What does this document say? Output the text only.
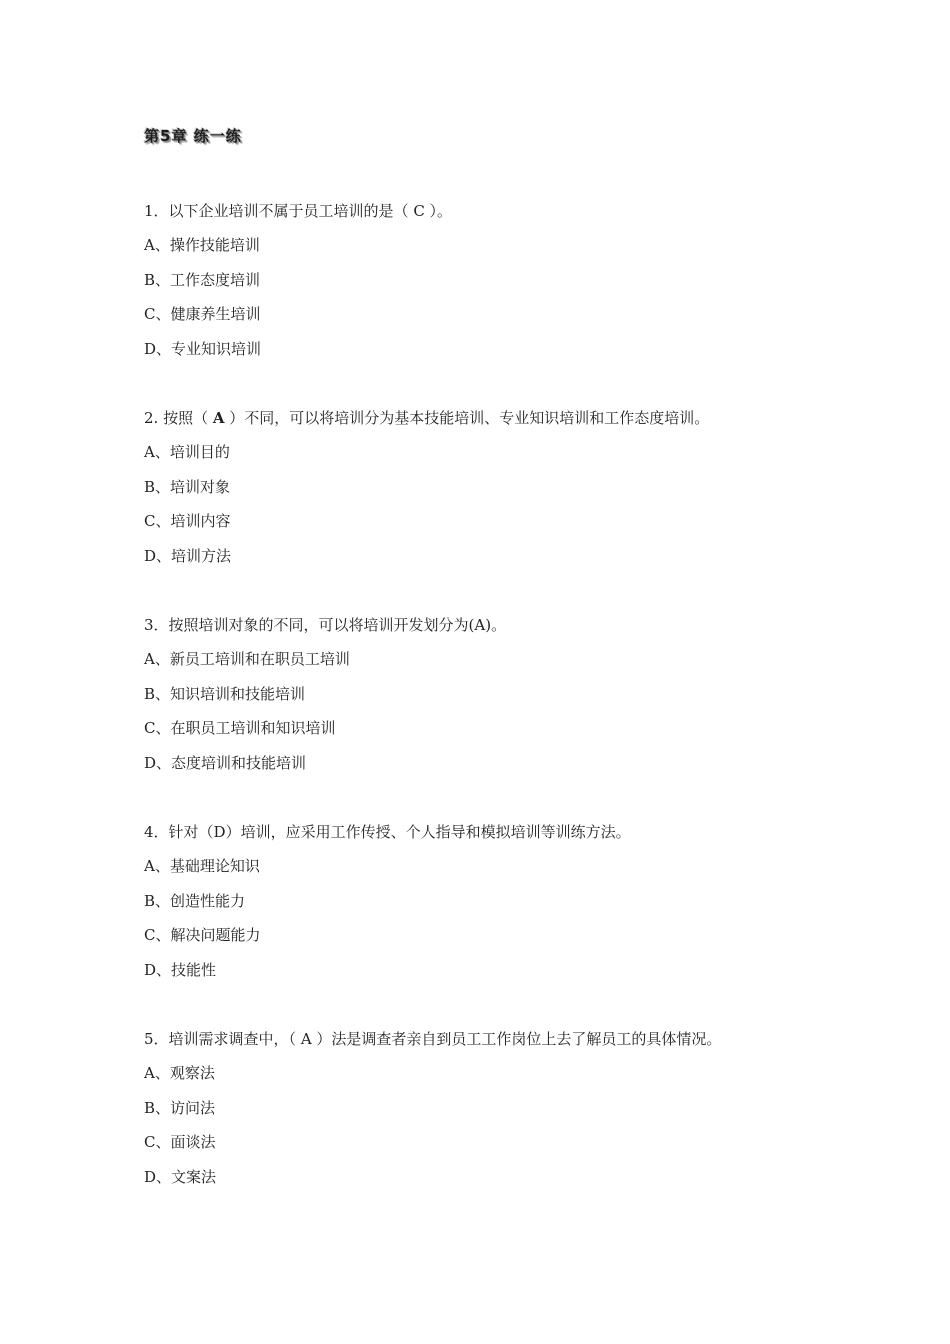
第5章 练一练
1．以下企业培训不属于员工培训的是（ C ）。
A、操作技能培训
B、工作态度培训
C、健康养生培训
D、专业知识培训
2. 按照（ A ）不同，可以将培训分为基本技能培训、专业知识培训和工作态度培训。
A、培训目的
B、培训对象
C、培训内容
D、培训方法
3．按照培训对象的不同，可以将培训开发划分为(A)。
A、新员工培训和在职员工培训
B、知识培训和技能培训
C、在职员工培训和知识培训
D、态度培训和技能培训
4．针对（D）培训，应采用工作传授、个人指导和模拟培训等训练方法。
A、基础理论知识
B、创造性能力
C、解决问题能力
D、技能性
5．培训需求调查中，（ A ）法是调查者亲自到员工工作岗位上去了解员工的具体情况。
A、观察法
B、访问法
C、面谈法
D、文案法
